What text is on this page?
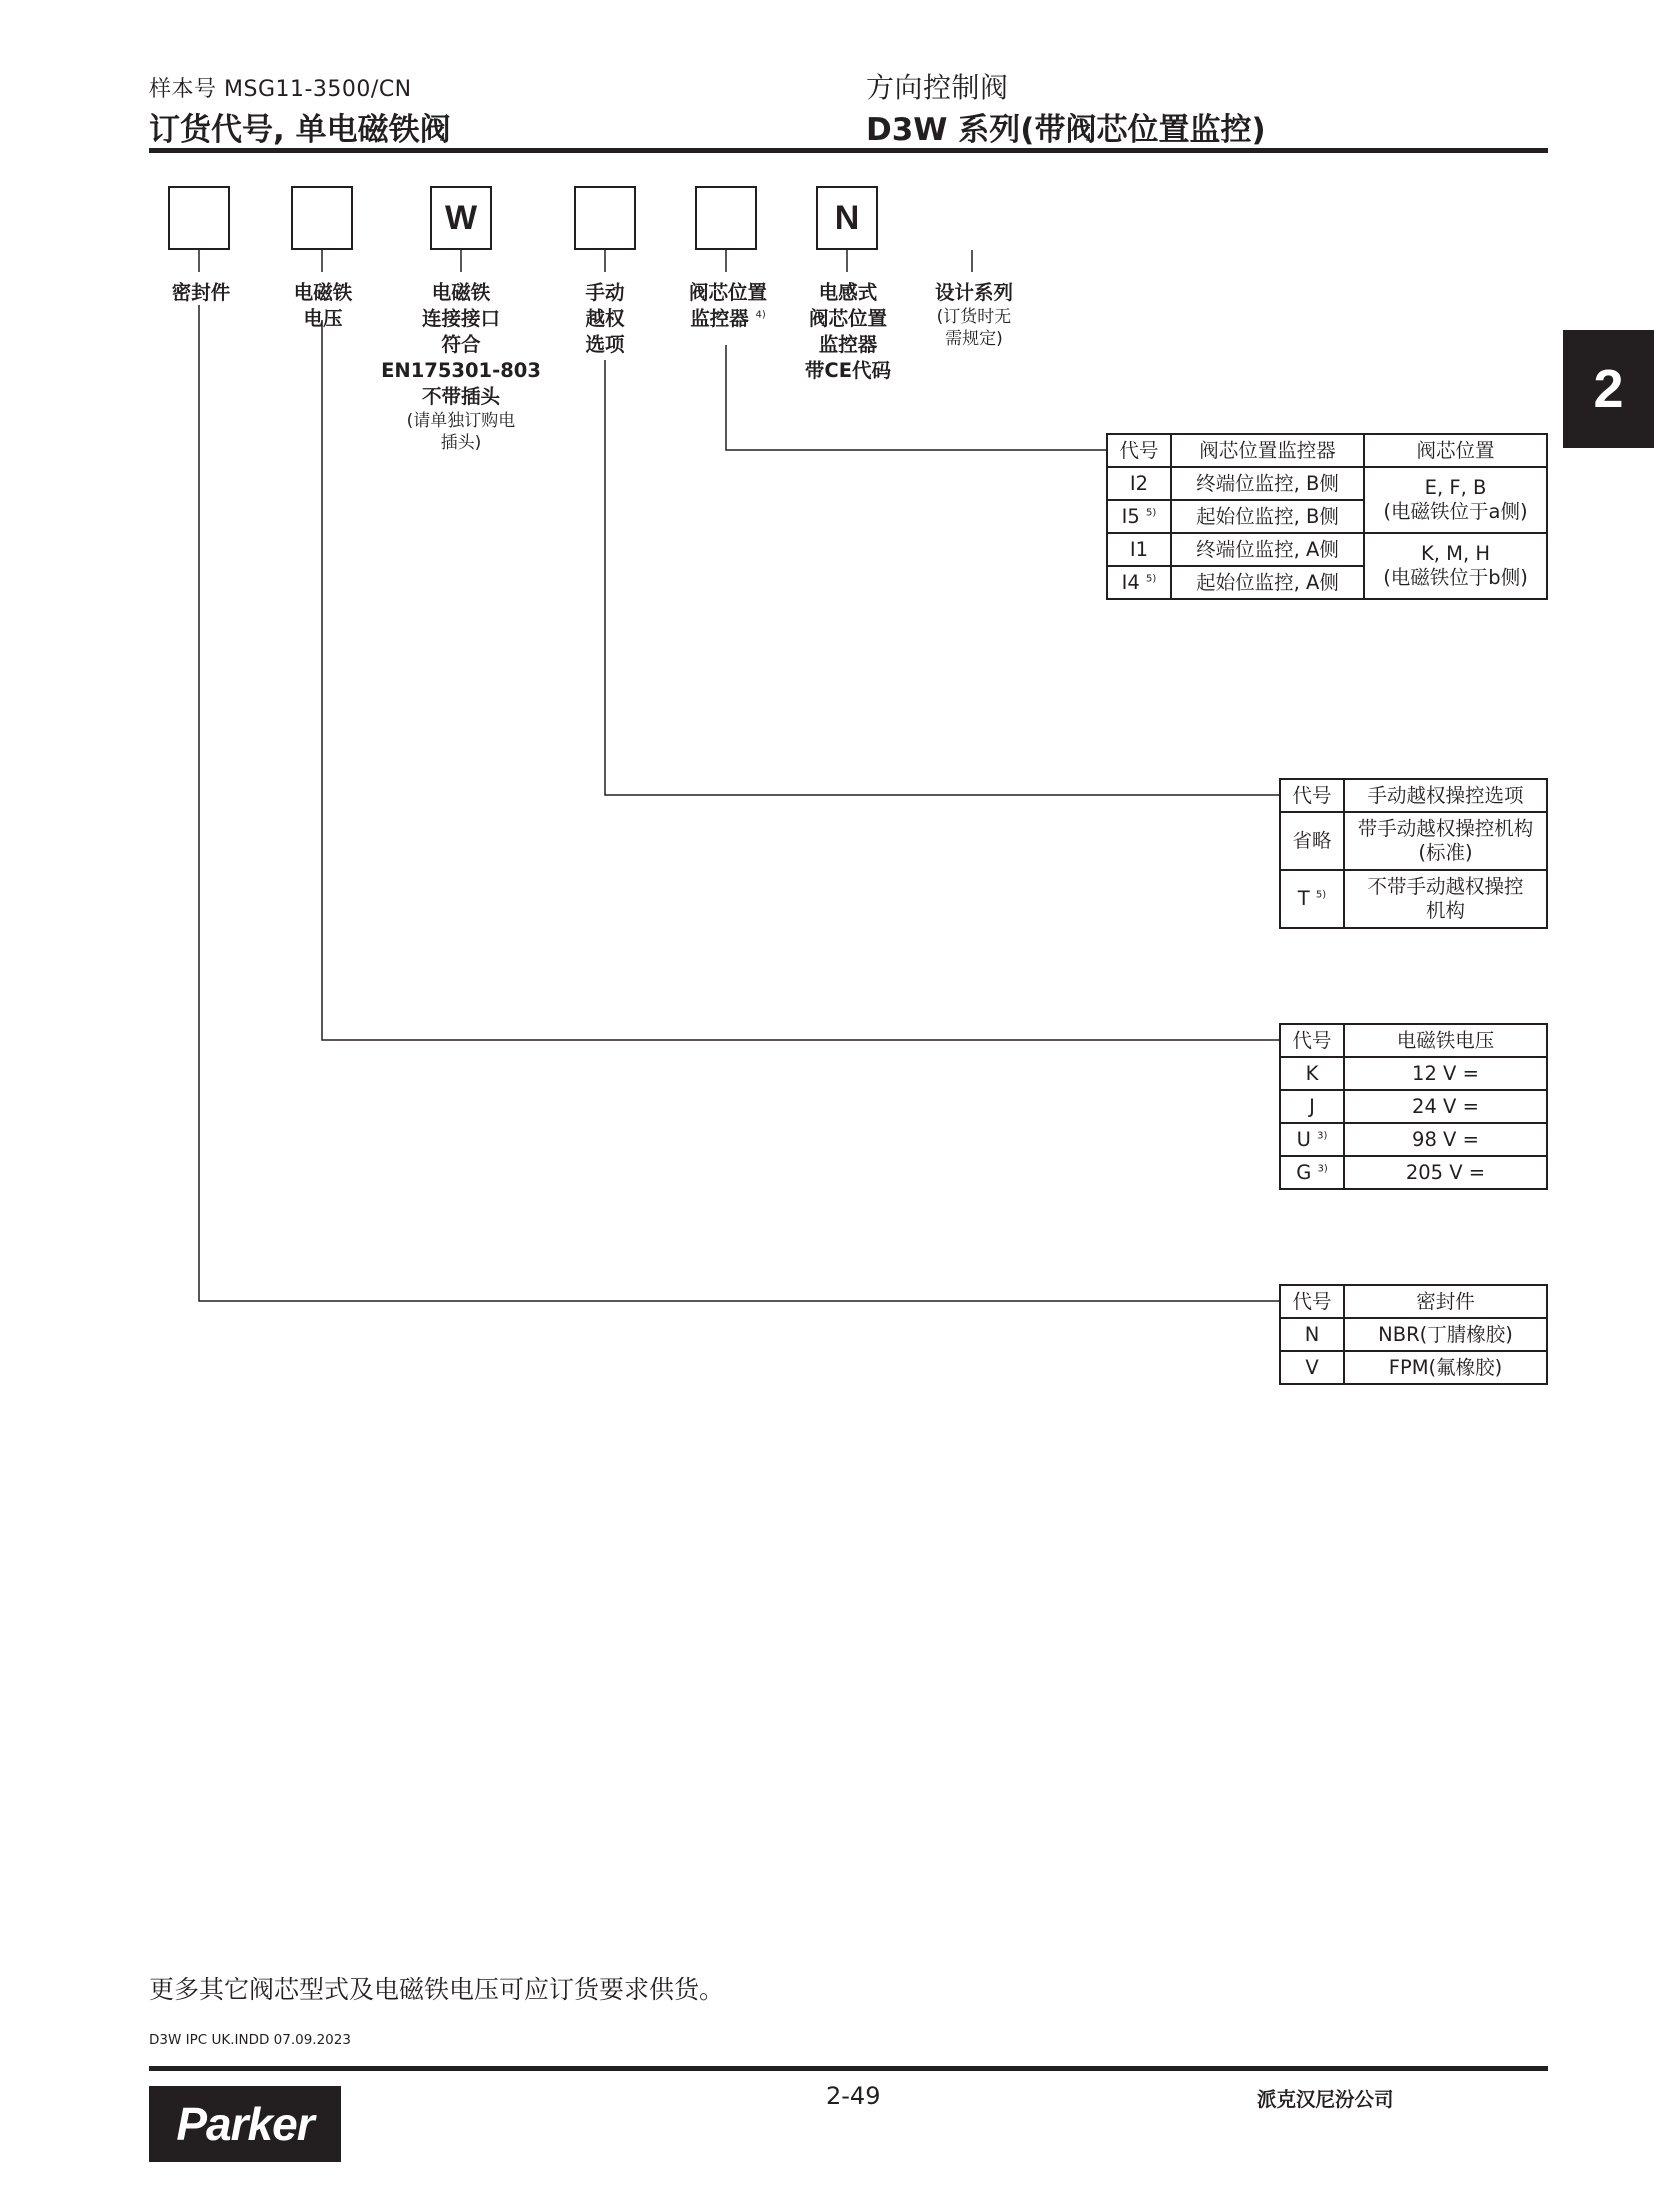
样本号 MSG11-3500/CN
订货代号, 单电磁铁阀
方向控制阀
D3W 系列(带阀芯位置监控)
2
W	N
密封件	电磁铁
电压
电磁铁
连接接口
符合
EN175301-803
不带插头
(请单独订购电
插头)
手动
越权
选项
阀芯位置
监控器 $^{4)}$
电感式
阀芯位置
监控器
带CE代码
设计系列
(订货时无
需规定)
代号	阀芯位置监控器	阀芯位置
I2	终端位监控, B侧	E, F, B
(电磁铁位于a侧)
I5 $^{5)}$	起始位监控, B侧	
I1	终端位监控, A侧	K, M, H
(电磁铁位于b侧)
I4 $^{5)}$	起始位监控, A侧	
代号	手动越权操控选项
省略	带手动越权操控机构
(标准)
T $^{5)}$	不带手动越权操控
机构
代号	电磁铁电压
K	12 V =
J	24 V =
U $^{3)}$	98 V =
G $^{3)}$	205 V =
代号	密封件
N	NBR(丁腈橡胶)
V	FPM(氟橡胶)
更多其它阀芯型式及电磁铁电压可应订货要求供货。
D3W IPC UK.INDD 07.09.2023
Parker
2-49	派克汉尼汾公司
